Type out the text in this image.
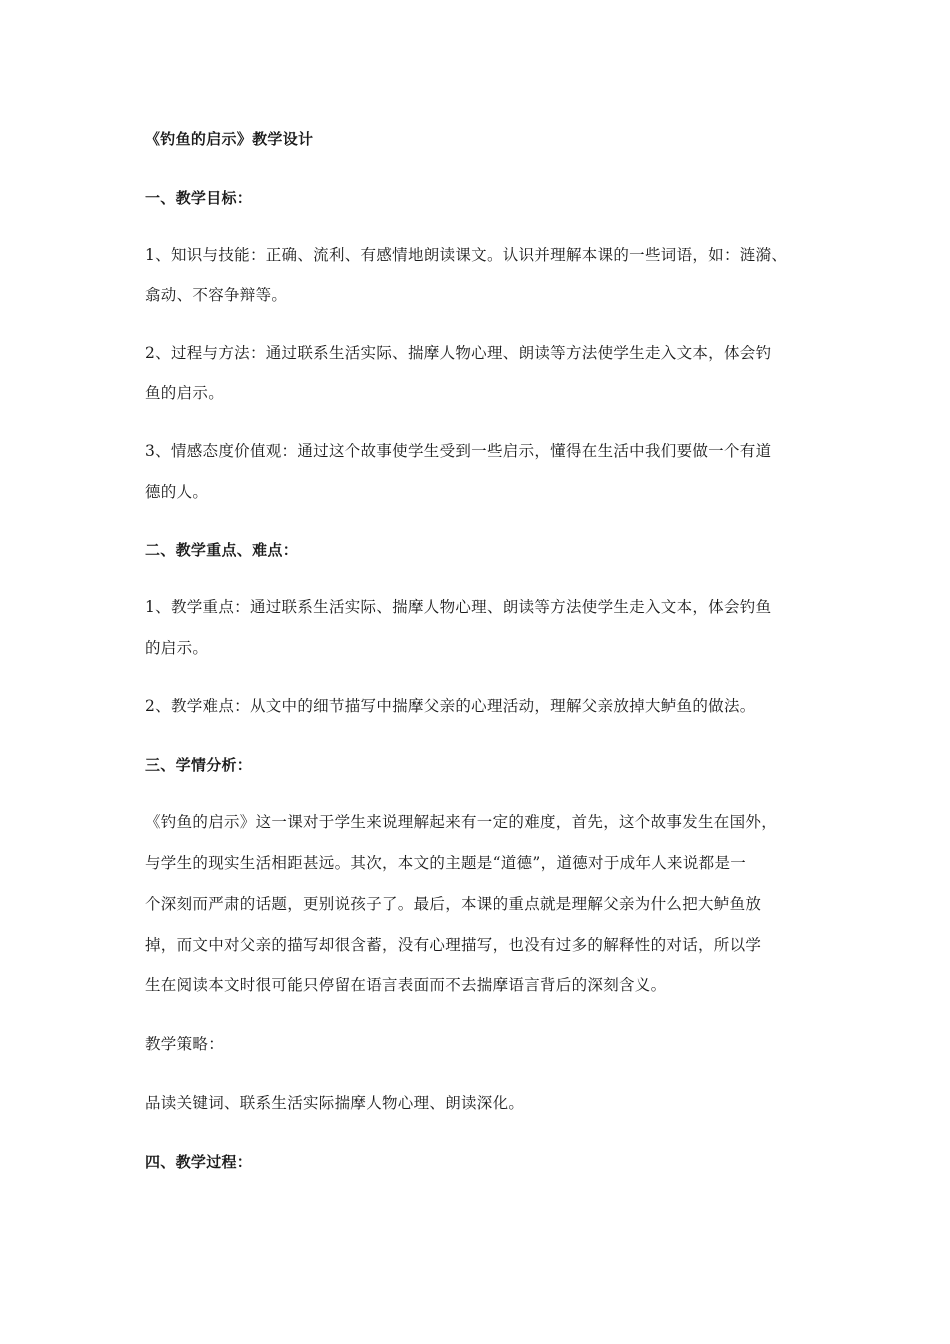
《钓鱼的启示》教学设计
一、教学目标：
1、知识与技能：正确、流利、有感情地朗读课文。认识并理解本课的一些词语，如：涟漪、
翕动、不容争辩等。
2、过程与方法：通过联系生活实际、揣摩人物心理、朗读等方法使学生走入文本，体会钓
鱼的启示。
3、情感态度价值观：通过这个故事使学生受到一些启示，懂得在生活中我们要做一个有道
德的人。
二、教学重点、难点：
1、教学重点：通过联系生活实际、揣摩人物心理、朗读等方法使学生走入文本，体会钓鱼
的启示。
2、教学难点：从文中的细节描写中揣摩父亲的心理活动，理解父亲放掉大鲈鱼的做法。
三、学情分析：
《钓鱼的启示》这一课对于学生来说理解起来有一定的难度，首先，这个故事发生在国外，
与学生的现实生活相距甚远。其次，本文的主题是“道德”，道德对于成年人来说都是一
个深刻而严肃的话题，更别说孩子了。最后，本课的重点就是理解父亲为什么把大鲈鱼放
掉，而文中对父亲的描写却很含蓄，没有心理描写，也没有过多的解释性的对话，所以学
生在阅读本文时很可能只停留在语言表面而不去揣摩语言背后的深刻含义。
教学策略：
品读关键词、联系生活实际揣摩人物心理、朗读深化。
四、教学过程：
